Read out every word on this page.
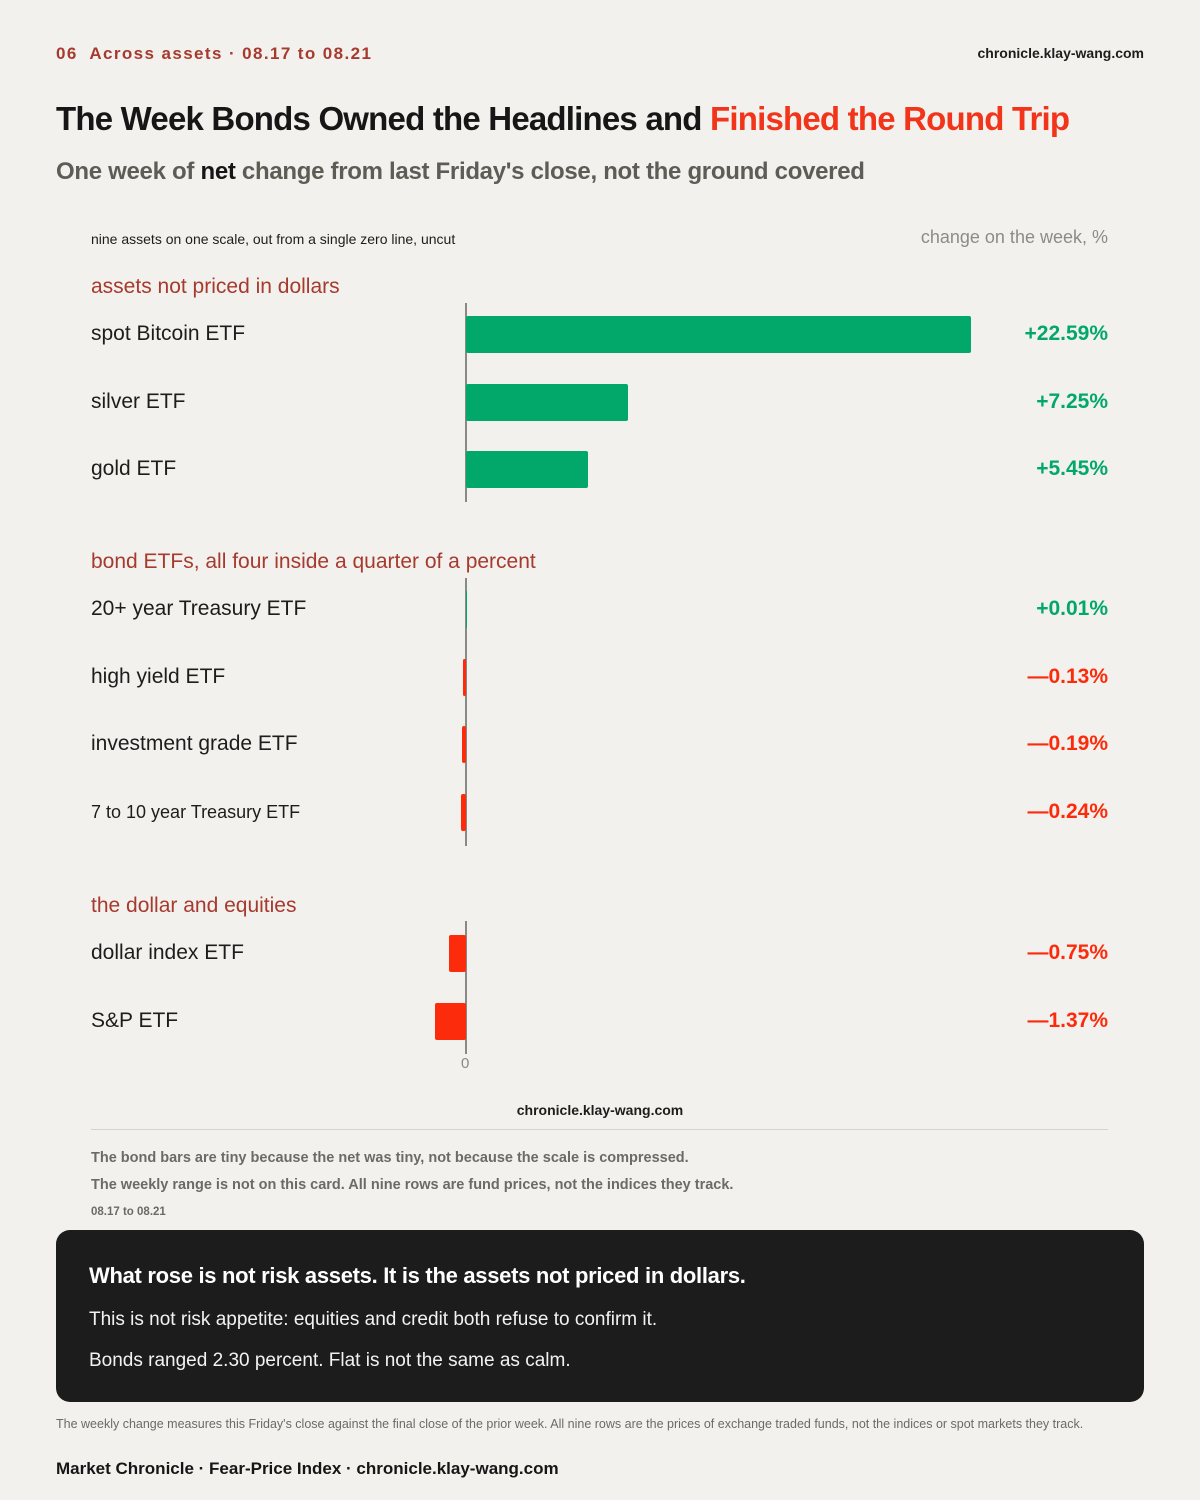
06  Across assets · 08.17 to 08.21	chronicle.klay-wang.com
The Week Bonds Owned the Headlines and Finished the Round Trip
One week of net change from last Friday's close, not the ground covered
nine assets on one scale, out from a single zero line, uncut	change on the week, %
assets not priced in dollars
spot Bitcoin ETF	+22.59%
silver ETF	+7.25%
gold ETF	+5.45%
bond ETFs, all four inside a quarter of a percent
20+ year Treasury ETF	+0.01%
high yield ETF	—0.13%
investment grade ETF	—0.19%
7 to 10 year Treasury ETF	—0.24%
the dollar and equities
dollar index ETF	—0.75%
S&P ETF	—1.37%
0
chronicle.klay-wang.com
The bond bars are tiny because the net was tiny, not because the scale is compressed.
The weekly range is not on this card. All nine rows are fund prices, not the indices they track.
08.17 to 08.21
What rose is not risk assets. It is the assets not priced in dollars.
This is not risk appetite: equities and credit both refuse to confirm it.
Bonds ranged 2.30 percent. Flat is not the same as calm.
The weekly change measures this Friday's close against the final close of the prior week. All nine rows are the prices of exchange traded funds, not the indices or spot markets they track.
Market Chronicle · Fear-Price Index · chronicle.klay-wang.com
